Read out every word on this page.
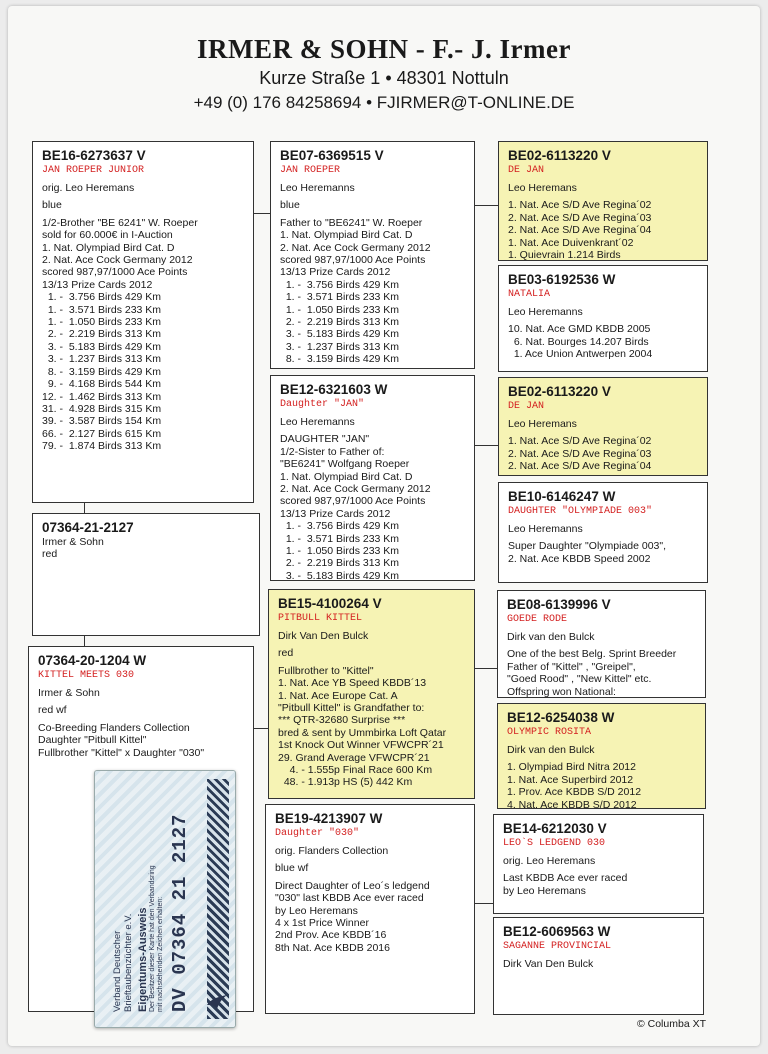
IRMER & SOHN - F.- J. Irmer
Kurze Straße 1 • 48301 Nottuln
+49 (0) 176 84258694 • FJIRMER@T-ONLINE.DE
BE16-6273637 V
JAN ROEPER JUNIOR
orig. Leo Heremans
blue
1/2-Brother "BE 6241" W. Roeper
sold for 60.000€ in I-Auction
1. Nat. Olympiad Bird Cat. D
2. Nat. Ace Cock Germany 2012
scored 987,97/1000 Ace Points
13/13 Prize Cards 2012
1. -  3.756 Birds 429 Km
1. -  3.571 Birds 233 Km
1. -  1.050 Birds 233 Km
2. -  2.219 Birds 313 Km
3. -  5.183 Birds 429 Km
3. -  1.237 Birds 313 Km
8. -  3.159 Birds 429 Km
9. -  4.168 Birds 544 Km
12. -  1.462 Birds 313 Km
31. -  4.928 Birds 315 Km
39. -  3.587 Birds 154 Km
66. -  2.127 Birds 615 Km
79. -  1.874 Birds 313 Km
BE07-6369515 V
JAN ROEPER
Leo Heremanns
blue
Father to "BE6241" W. Roeper
1. Nat. Olympiad Bird Cat. D
2. Nat. Ace Cock Germany 2012
scored 987,97/1000 Ace Points
13/13 Prize Cards 2012
1. -  3.756 Birds 429 Km
1. -  3.571 Birds 233 Km
1. -  1.050 Birds 233 Km
2. -  2.219 Birds 313 Km
3. -  5.183 Birds 429 Km
3. -  1.237 Birds 313 Km
8. -  3.159 Birds 429 Km
BE12-6321603 W
Daughter "JAN"
Leo Heremanns
DAUGHTER "JAN"
1/2-Sister to Father of:
"BE6241" Wolfgang Roeper
1. Nat. Olympiad Bird Cat. D
2. Nat. Ace Cock Germany 2012
scored 987,97/1000 Ace Points
13/13 Prize Cards 2012
1. -  3.756 Birds 429 Km
1. -  3.571 Birds 233 Km
1. -  1.050 Birds 233 Km
2. -  2.219 Birds 313 Km
3. -  5.183 Birds 429 Km
BE02-6113220 V
DE JAN
Leo Heremans
1. Nat. Ace S/D Ave Regina´02
2. Nat. Ace S/D Ave Regina´03
2. Nat. Ace S/D Ave Regina´04
1. Nat. Ace Duivenkrant´02
1. Quievrain 1.214 Birds
BE03-6192536 W
NATALIA
Leo Heremanns
10. Nat. Ace GMD KBDB 2005
6. Nat. Bourges 14.207 Birds
1. Ace Union Antwerpen 2004
BE02-6113220 V
DE JAN
Leo Heremans
1. Nat. Ace S/D Ave Regina´02
2. Nat. Ace S/D Ave Regina´03
2. Nat. Ace S/D Ave Regina´04
BE10-6146247 W
DAUGHTER "OLYMPIADE 003"
Leo Heremanns
Super Daughter "Olympiade 003",
2. Nat. Ace KBDB Speed 2002
07364-21-2127
Irmer & Sohn
red
07364-20-1204 W
KITTEL MEETS 030
Irmer & Sohn
red wf
Co-Breeding Flanders Collection
Daughter "Pitbull Kittel"
Fullbrother "Kittel" x Daughter "030"
BE15-4100264 V
PITBULL KITTEL
Dirk Van Den Bulck
red
Fullbrother to "Kittel"
1. Nat. Ace YB Speed KBDB´13
1. Nat. Ace Europe Cat. A
"Pitbull Kittel" is Grandfather to:
*** QTR-32680 Surprise ***
bred & sent by Ummbirka Loft Qatar
1st Knock Out Winner VFWCPR´21
29. Grand Average VFWCPR´21
4. - 1.555p Final Race 600 Km
48. - 1.913p HS (5) 442 Km
BE19-4213907 W
Daughter "030"
orig. Flanders Collection
blue wf
Direct Daughter of Leo´s ledgend
"030" last KBDB Ace ever raced
by Leo Heremans
4 x 1st Price Winner
2nd Prov. Ace KBDB´16
8th Nat. Ace KBDB 2016
BE08-6139996 V
GOEDE RODE
Dirk van den Bulck
One of the best Belg. Sprint Breeder
Father of "Kittel" , "Greipel",
"Goed Rood" , "New Kittel" etc.
Offspring won National:
BE12-6254038 W
OLYMPIC ROSITA
Dirk van den Bulck
1. Olympiad Bird Nitra 2012
1. Nat. Ace Superbird 2012
1. Prov. Ace KBDB S/D 2012
4. Nat. Ace KBDB S/D 2012
BE14-6212030 V
LEO`S LEDGEND 030
orig. Leo Heremans
Last KBDB Ace ever raced
by Leo Heremans
BE12-6069563 W
SAGANNE PROVINCIAL
Dirk Van Den Bulck
Verband Deutscher Brieftaubenzüchter e.V. Eigentums-Ausweis Der Besitzer dieser Karte hat den Verbandsring mit nachstehenden Zeichen erhalten: DV 07364 21 2127
© Columba XT
